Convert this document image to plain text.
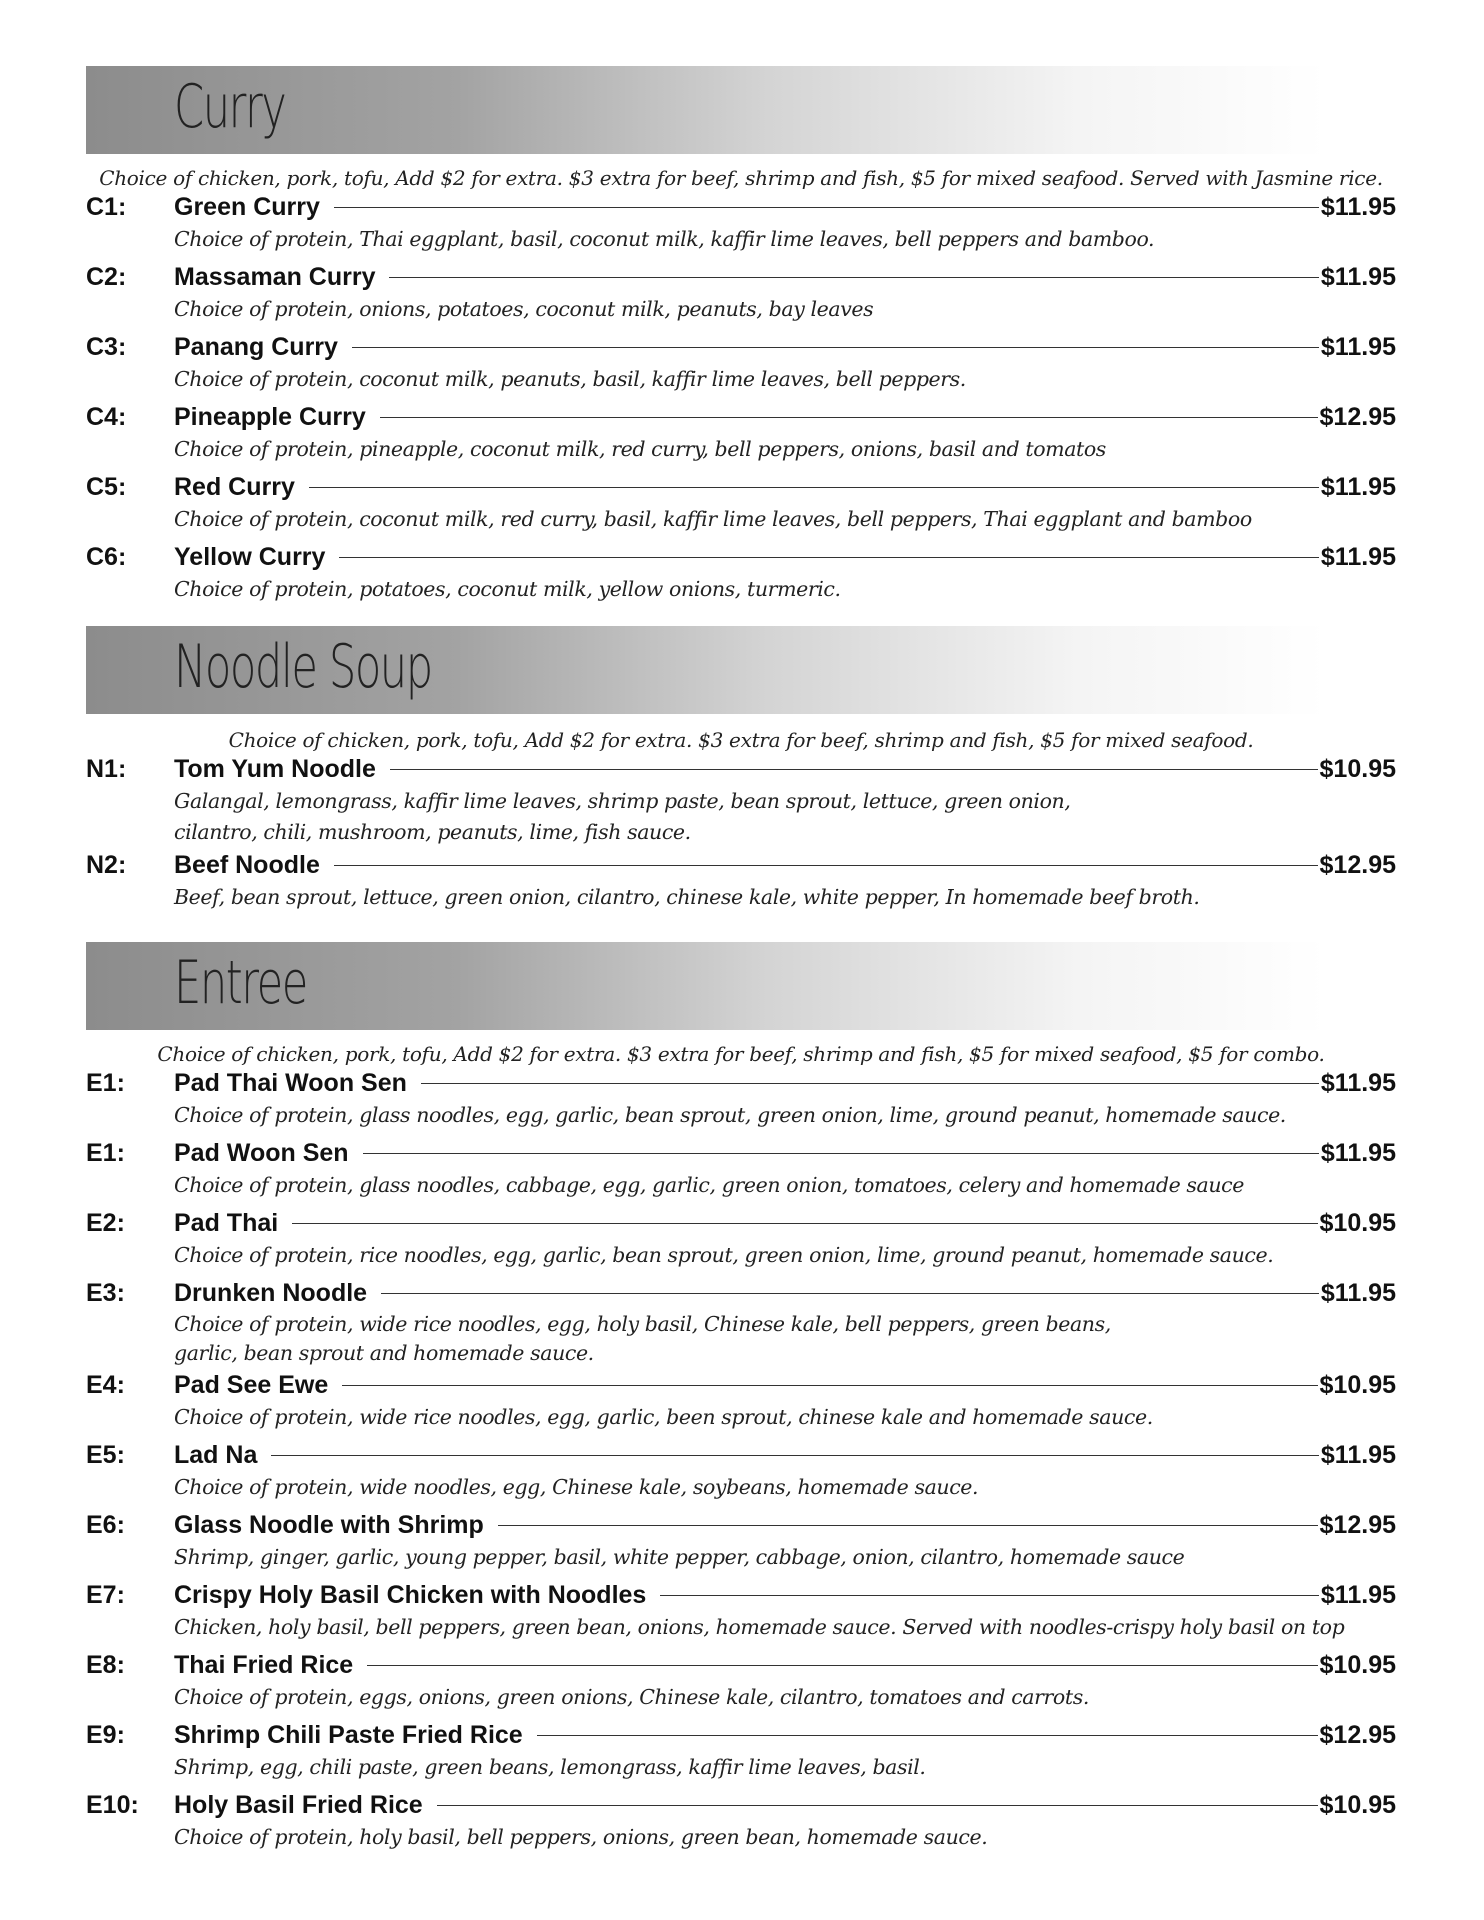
Curry
Choice of chicken, pork, tofu, Add $2 for extra. $3 extra for beef, shrimp and fish, $5 for mixed seafood. Served with Jasmine rice.
C1:	Green Curry	$11.95
Choice of protein, Thai eggplant, basil, coconut milk, kaffir lime leaves, bell peppers and bamboo.
C2:	Massaman Curry	$11.95
Choice of protein, onions, potatoes, coconut milk, peanuts, bay leaves
C3:	Panang Curry	$11.95
Choice of protein, coconut milk, peanuts, basil, kaffir lime leaves, bell peppers.
C4:	Pineapple Curry	$12.95
Choice of protein, pineapple, coconut milk, red curry, bell peppers, onions, basil and tomatos
C5:	Red Curry	$11.95
Choice of protein, coconut milk, red curry, basil, kaffir lime leaves, bell peppers, Thai eggplant and bamboo
C6:	Yellow Curry	$11.95
Choice of protein, potatoes, coconut milk, yellow onions, turmeric.
Noodle Soup
Choice of chicken, pork, tofu, Add $2 for extra. $3 extra for beef, shrimp and fish, $5 for mixed seafood.
N1:	Tom Yum Noodle	$10.95
Galangal, lemongrass, kaffir lime leaves, shrimp paste, bean sprout, lettuce, green onion,
cilantro, chili, mushroom, peanuts, lime, fish sauce.
N2:	Beef Noodle	$12.95
Beef, bean sprout, lettuce, green onion, cilantro, chinese kale, white pepper, In homemade beef broth.
Entree
Choice of chicken, pork, tofu, Add $2 for extra. $3 extra for beef, shrimp and fish, $5 for mixed seafood, $5 for combo.
E1:	Pad Thai Woon Sen	$11.95
Choice of protein, glass noodles, egg, garlic, bean sprout, green onion, lime, ground peanut, homemade sauce.
E1:	Pad Woon Sen	$11.95
Choice of protein, glass noodles, cabbage, egg, garlic, green onion, tomatoes, celery and homemade sauce
E2:	Pad Thai	$10.95
Choice of protein, rice noodles, egg, garlic, bean sprout, green onion, lime, ground peanut, homemade sauce.
E3:	Drunken Noodle	$11.95
Choice of protein, wide rice noodles, egg, holy basil, Chinese kale, bell peppers, green beans,
garlic, bean sprout and homemade sauce.
E4:	Pad See Ewe	$10.95
Choice of protein, wide rice noodles, egg, garlic, been sprout, chinese kale and homemade sauce.
E5:	Lad Na	$11.95
Choice of protein, wide noodles, egg, Chinese kale, soybeans, homemade sauce.
E6:	Glass Noodle with Shrimp	$12.95
Shrimp, ginger, garlic, young pepper, basil, white pepper, cabbage, onion, cilantro, homemade sauce
E7:	Crispy Holy Basil Chicken with Noodles	$11.95
Chicken, holy basil, bell peppers, green bean, onions, homemade sauce. Served with noodles-crispy holy basil on top
E8:	Thai Fried Rice	$10.95
Choice of protein, eggs, onions, green onions, Chinese kale, cilantro, tomatoes and carrots.
E9:	Shrimp Chili Paste Fried Rice	$12.95
Shrimp, egg, chili paste, green beans, lemongrass, kaffir lime leaves, basil.
E10:	Holy Basil Fried Rice	$10.95
Choice of protein, holy basil, bell peppers, onions, green bean, homemade sauce.
